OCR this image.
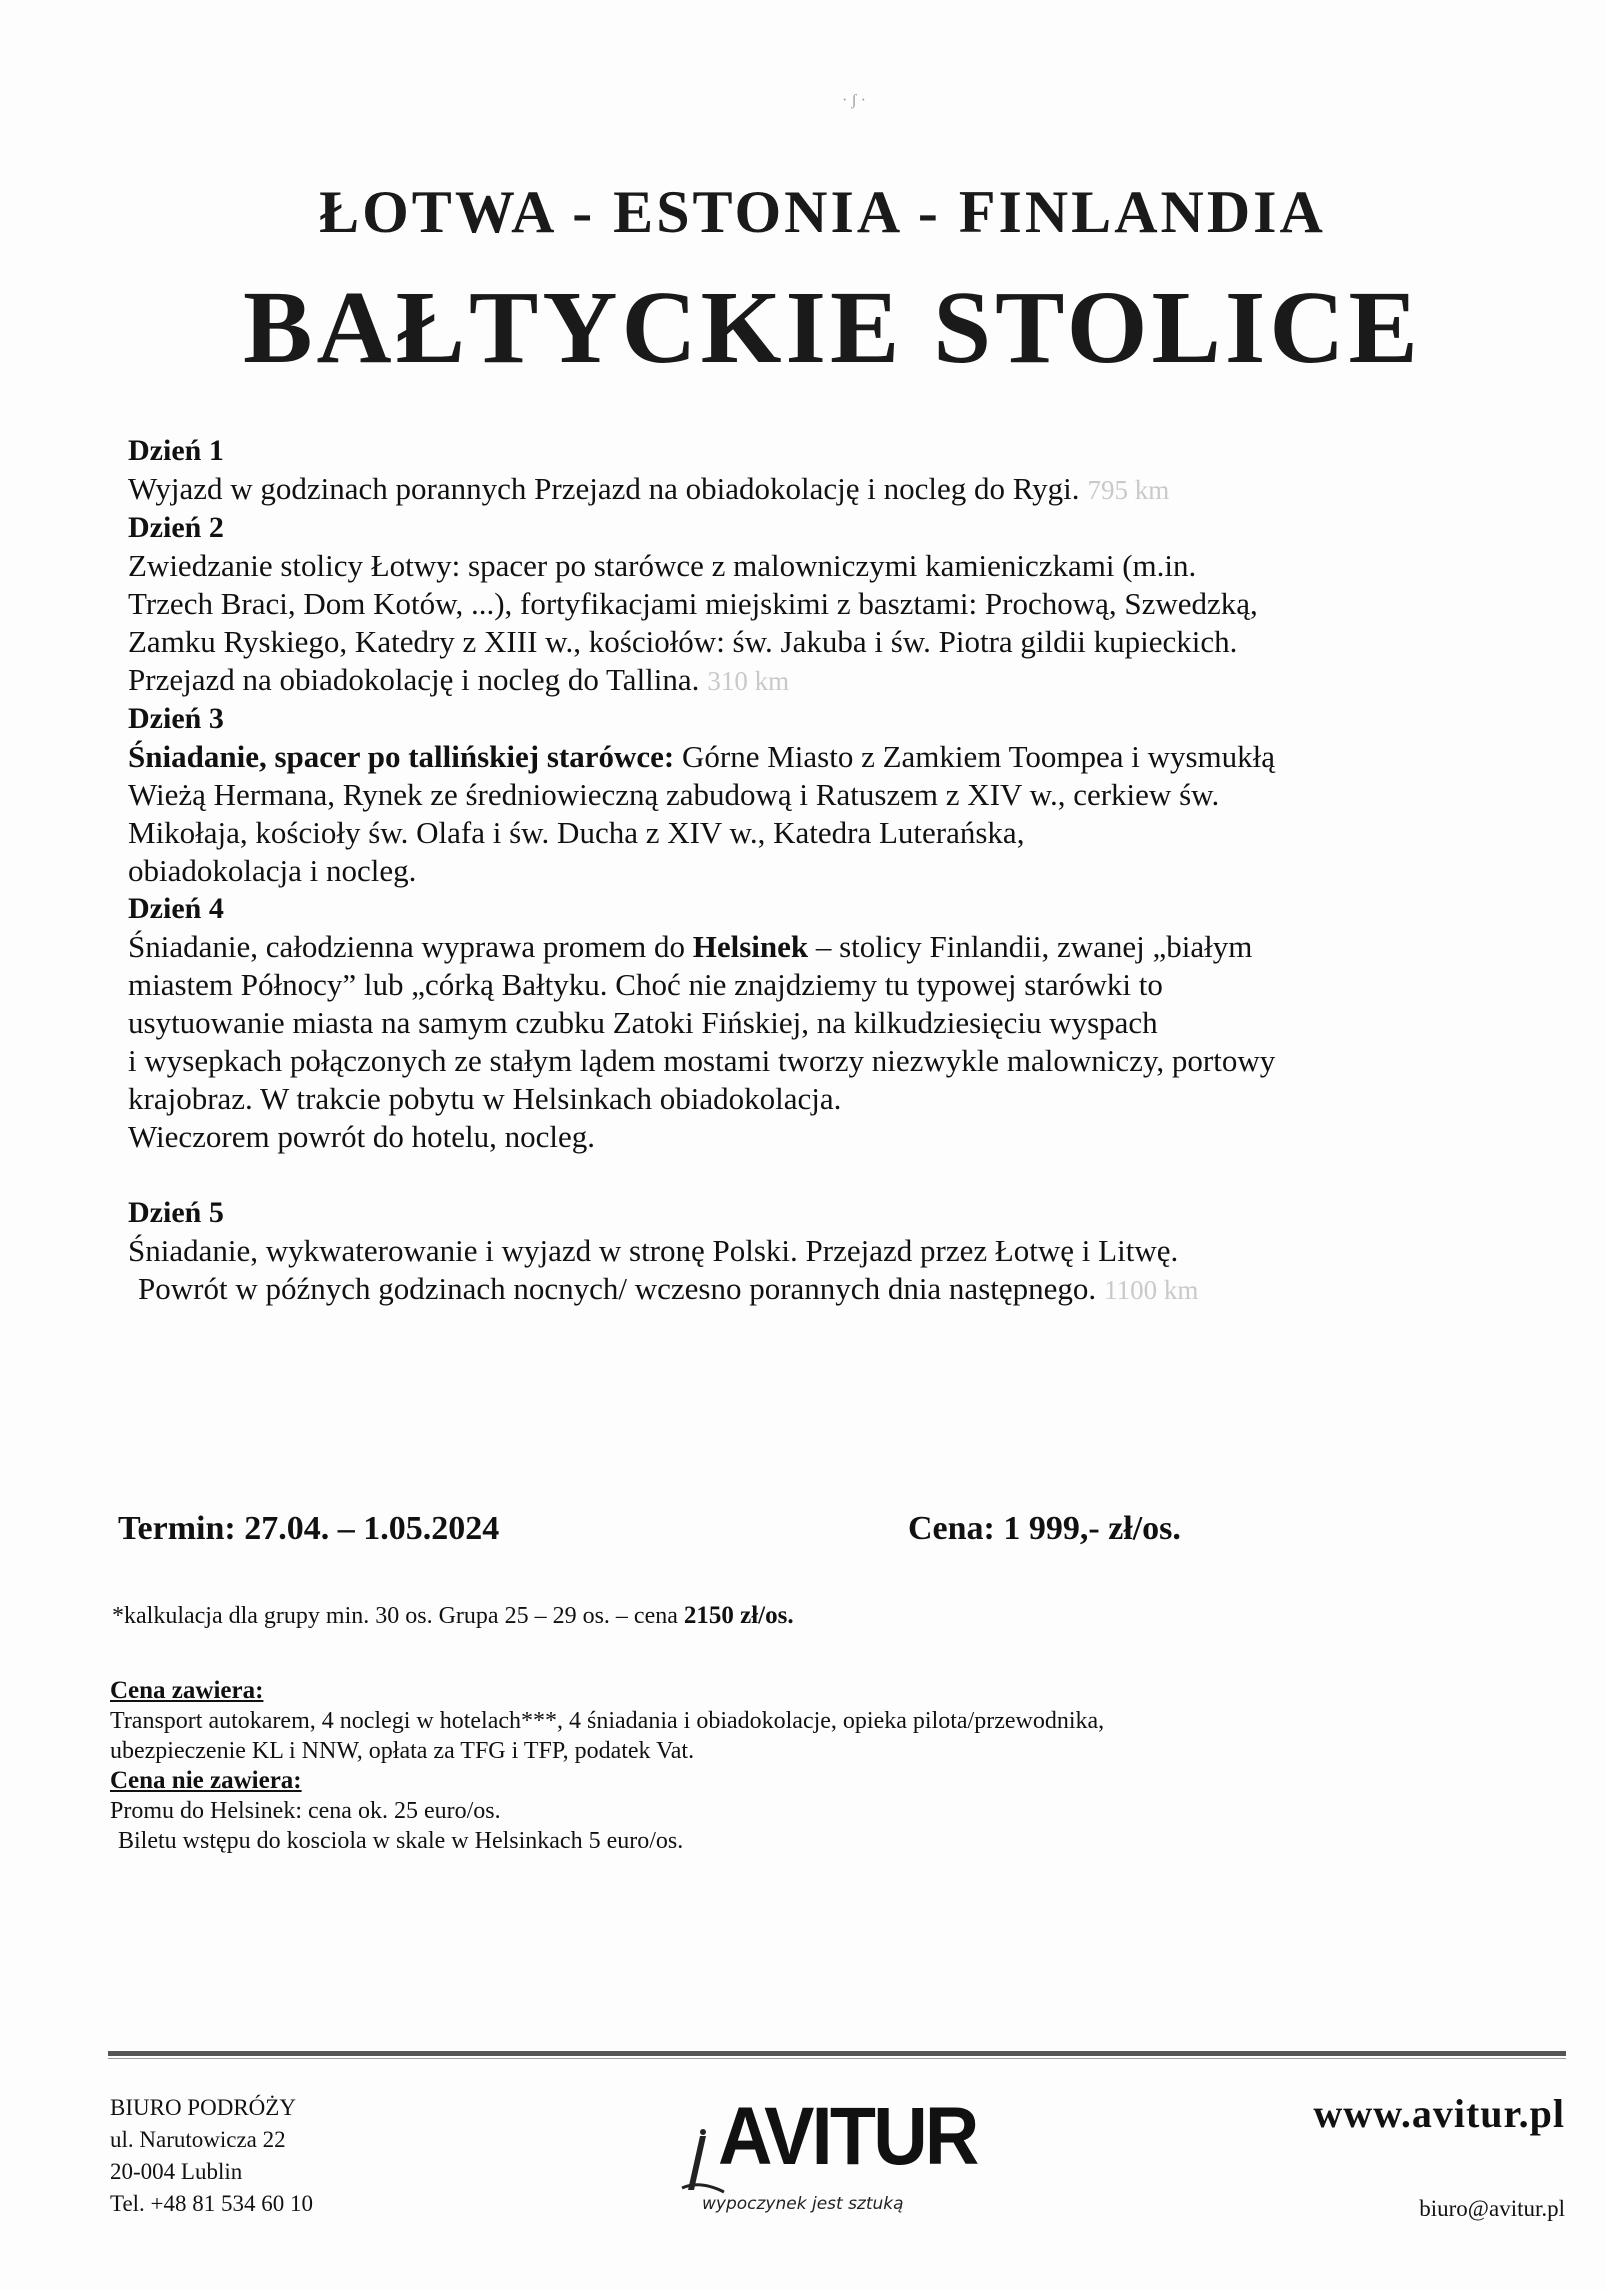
· ʃ ·
ŁOTWA - ESTONIA - FINLANDIA
BAŁTYCKIE STOLICE
Dzień 1
Wyjazd w godzinach porannych Przejazd na obiadokolację i nocleg do Rygi. 795 km
Dzień 2
Zwiedzanie stolicy Łotwy: spacer po starówce z malowniczymi kamieniczkami (m.in.
Trzech Braci, Dom Kotów, ...), fortyfikacjami miejskimi z basztami: Prochową, Szwedzką,
Zamku Ryskiego, Katedry z XIII w., kościołów: św. Jakuba i św. Piotra gildii kupieckich.
Przejazd na obiadokolację i nocleg do Tallina. 310 km
Dzień 3
Śniadanie, spacer po tallińskiej starówce: Górne Miasto z Zamkiem Toompea i wysmukłą
Wieżą Hermana, Rynek ze średniowieczną zabudową i Ratuszem z XIV w., cerkiew św.
Mikołaja, kościoły św. Olafa i św. Ducha z XIV w., Katedra Luterańska,
obiadokolacja i nocleg.
Dzień 4
Śniadanie, całodzienna wyprawa promem do Helsinek – stolicy Finlandii, zwanej „białym
miastem Północy” lub „córką Bałtyku. Choć nie znajdziemy tu typowej starówki to
usytuowanie miasta na samym czubku Zatoki Fińskiej, na kilkudziesięciu wyspach
i wysepkach połączonych ze stałym lądem mostami tworzy niezwykle malowniczy, portowy
krajobraz. W trakcie pobytu w Helsinkach obiadokolacja.
Wieczorem powrót do hotelu, nocleg.
Dzień 5
Śniadanie, wykwaterowanie i wyjazd w stronę Polski. Przejazd przez Łotwę i Litwę.
Powrót w późnych godzinach nocnych/ wczesno porannych dnia następnego. 1100 km
Termin: 27.04. – 1.05.2024	Cena: 1 999,- zł/os.
*kalkulacja dla grupy min. 30 os. Grupa 25 – 29 os. – cena 2150 zł/os.
Cena zawiera:
Transport autokarem, 4 noclegi w hotelach***, 4 śniadania i obiadokolacje, opieka pilota/przewodnika,
ubezpieczenie KL i NNW, opłata za TFG i TFP, podatek Vat.
Cena nie zawiera:
Promu do Helsinek: cena ok. 25 euro/os.
Biletu wstępu do kosciola w skale w Helsinkach 5 euro/os.
BIURO PODRÓŻY
ul. Narutowicza 22
20-004 Lublin
Tel. +48 81 534 60 10
AVITUR
wypoczynek jest sztuką
www.avitur.pl
biuro@avitur.pl
